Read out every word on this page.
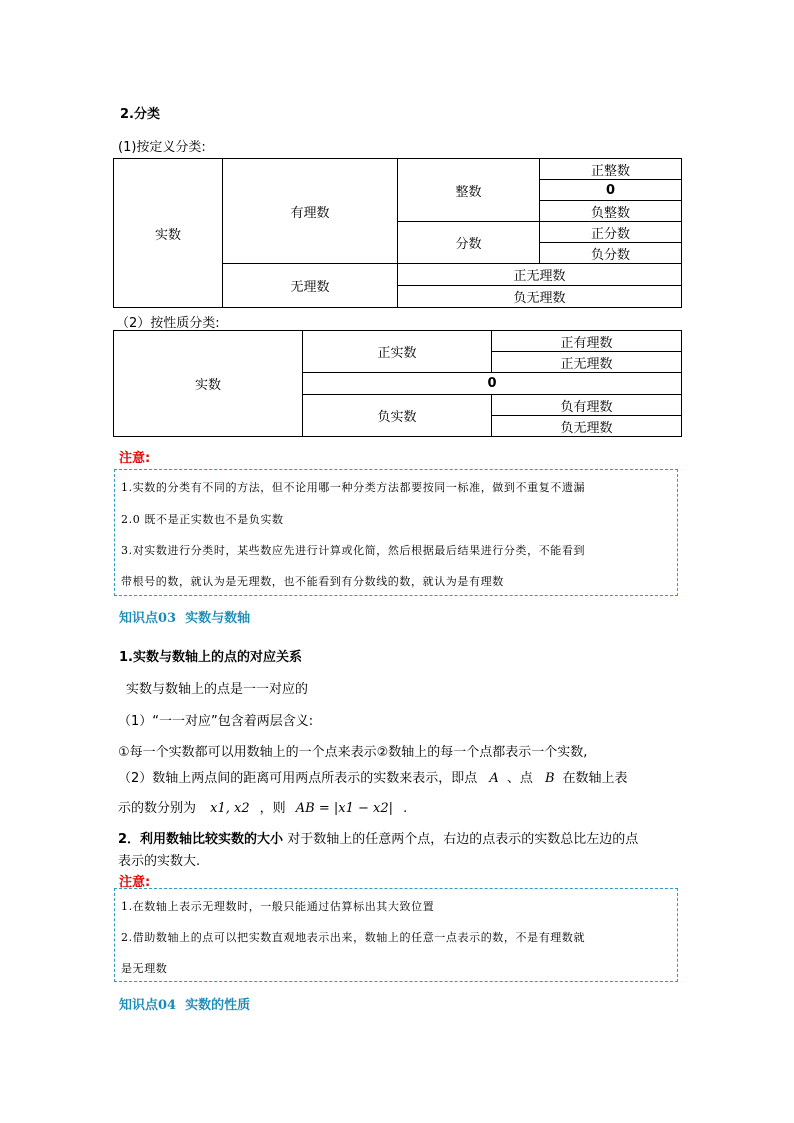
2.分类
(1)按定义分类:
实数	有理数	整数	正整数
			0
			负整数
		分数	正分数
			负分数
	无理数	正无理数	
		负无理数	
（2）按性质分类:
实数	正实数	正有理数
		正无理数
	0	
	负实数	负有理数
		负无理数
注意:
1.实数的分类有不同的方法，但不论用哪一种分类方法都要按同一标准，做到不重复不遗漏
2.0 既不是正实数也不是负实数
3.对实数进行分类时，某些数应先进行计算或化简，然后根据最后结果进行分类，不能看到
带根号的数，就认为是无理数，也不能看到有分数线的数，就认为是有理数
知识点03 实数与数轴
1.实数与数轴上的点的对应关系
实数与数轴上的点是一一对应的
（1）“一一对应”包含着两层含义:
①每一个实数都可以用数轴上的一个点来表示②数轴上的每一个点都表示一个实数,
（2）数轴上两点间的距离可用两点所表示的实数来表示，即点 A 、点 B 在数轴上表
示的数分别为 x1, x2 ，则 AB = |x1 − x2| .
2．利用数轴比较实数的大小 对于数轴上的任意两个点，右边的点表示的实数总比左边的点
表示的实数大.
注意:
1.在数轴上表示无理数时，一般只能通过估算标出其大致位置
2.借助数轴上的点可以把实数直观地表示出来，数轴上的任意一点表示的数，不是有理数就
是无理数
知识点04 实数的性质
